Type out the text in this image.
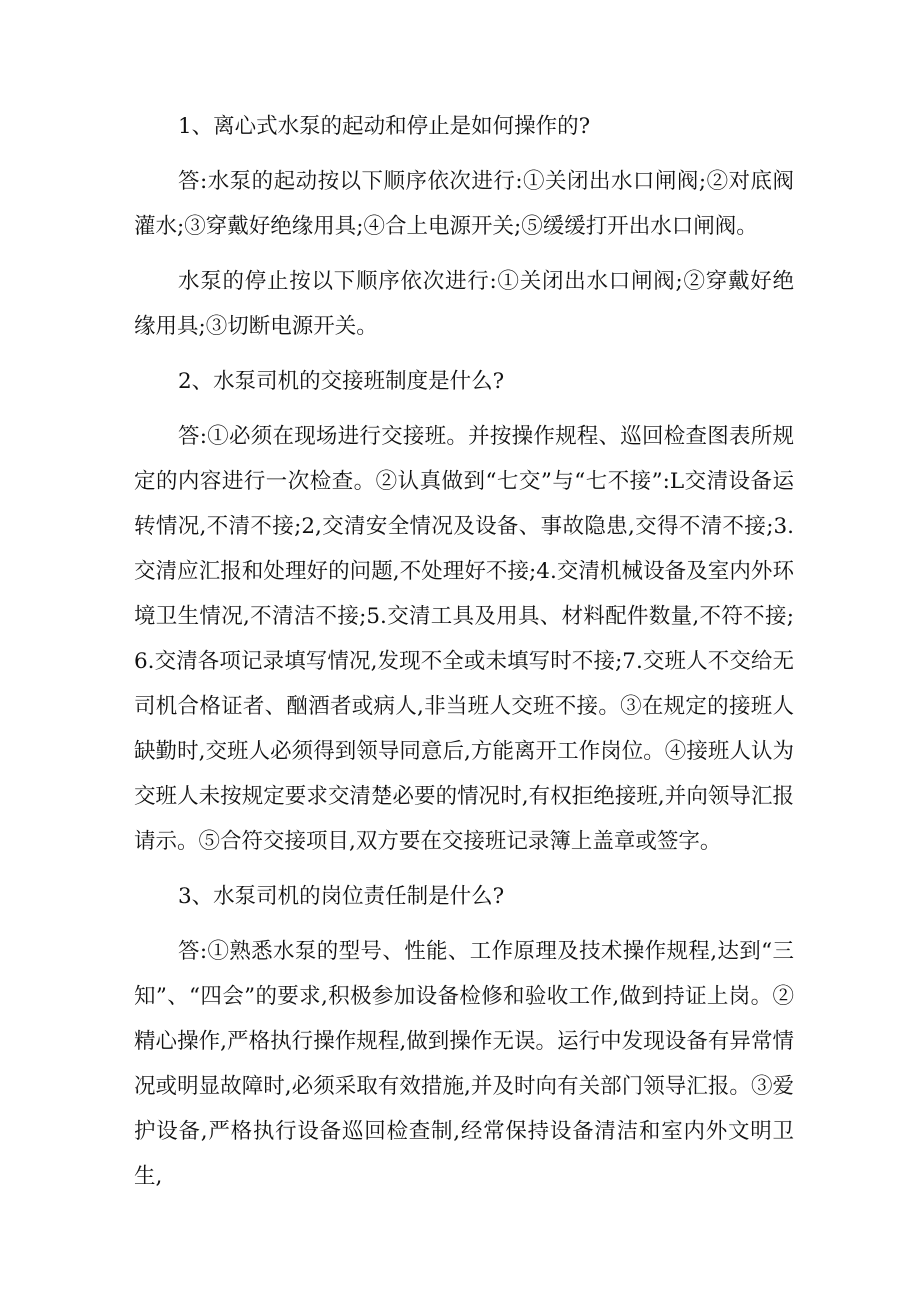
1、离心式水泵的起动和停止是如何操作的?

答:水泵的起动按以下顺序依次进行:①关闭出水口闸阀;②对底阀灌水;③穿戴好绝缘用具;④合上电源开关;⑤缓缓打开出水口闸阀。

水泵的停止按以下顺序依次进行:①关闭出水口闸阀;②穿戴好绝缘用具;③切断电源开关。

2、水泵司机的交接班制度是什么?

答:①必须在现场进行交接班。并按操作规程、巡回检查图表所规定的内容进行一次检查。②认真做到“七交”与“七不接”:L交清设备运转情况,不清不接;2,交清安全情况及设备、事故隐患,交得不清不接;3.交清应汇报和处理好的问题,不处理好不接;4.交清机械设备及室内外环境卫生情况,不清洁不接;5.交清工具及用具、材料配件数量,不符不接;6.交清各项记录填写情况,发现不全或未填写时不接;7.交班人不交给无司机合格证者、酗酒者或病人,非当班人交班不接。③在规定的接班人缺勤时,交班人必须得到领导同意后,方能离开工作岗位。④接班人认为交班人未按规定要求交清楚必要的情况时,有权拒绝接班,并向领导汇报请示。⑤合符交接项目,双方要在交接班记录簿上盖章或签字。

3、水泵司机的岗位责任制是什么?

答:①熟悉水泵的型号、性能、工作原理及技术操作规程,达到“三知”、“四会”的要求,积极参加设备检修和验收工作,做到持证上岗。②精心操作,严格执行操作规程,做到操作无误。运行中发现设备有异常情况或明显故障时,必须采取有效措施,并及时向有关部门领导汇报。③爱护设备,严格执行设备巡回检查制,经常保持设备清洁和室内外文明卫生,
